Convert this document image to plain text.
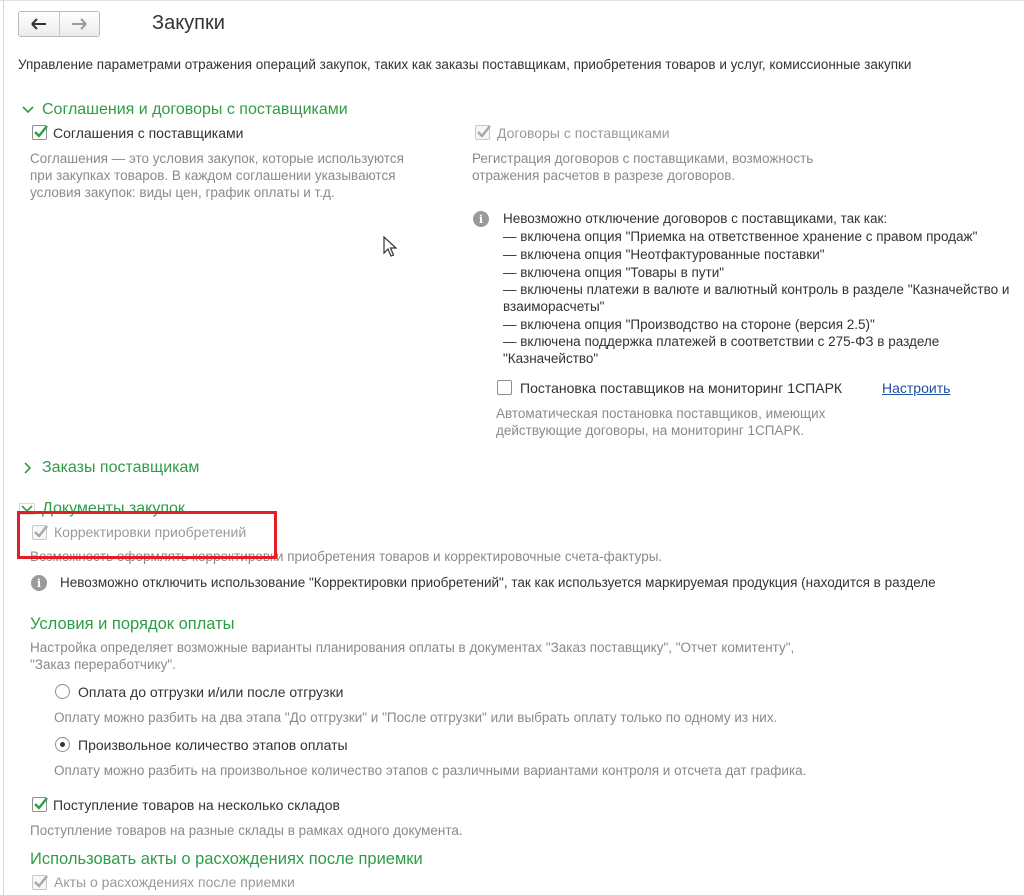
Закупки
Управление параметрами отражения операций закупок, таких как заказы поставщикам, приобретения товаров и услуг, комиссионные закупки
Соглашения и договоры с поставщиками
Соглашения с поставщиками
Соглашения — это условия закупок, которые используются
при закупках товаров. В каждом соглашении указываются
условия закупок: виды цен, график оплаты и т.д.
Договоры с поставщиками
Регистрация договоров с поставщиками, возможность
отражения расчетов в разрезе договоров.
i	Невозможно отключение договоров с поставщиками, так как:
— включена опция "Приемка на ответственное хранение с правом продаж"
— включена опция "Неотфактурованные поставки"
— включена опция "Товары в пути"
— включены платежи в валюте и валютный контроль в разделе "Казначейство и
взаиморасчеты"
— включена опция "Производство на стороне (версия 2.5)"
— включена поддержка платежей в соответствии с 275-ФЗ в разделе
"Казначейство"
Постановка поставщиков на мониторинг 1СПАРК	Настроить
Автоматическая постановка поставщиков, имеющих
действующие договоры, на мониторинг 1СПАРК.
Заказы поставщикам
Документы закупок
Корректировки приобретений
Возможность оформлять корректировки приобретения товаров и корректировочные счета-фактуры.
i	Невозможно отключить использование "Корректировки приобретений", так как используется маркируемая продукция (находится в разделе
Условия и порядок оплаты
Настройка определяет возможные варианты планирования оплаты в документах "Заказ поставщику", "Отчет комитенту",
"Заказ переработчику".
Оплата до отгрузки и/или после отгрузки
Оплату можно разбить на два этапа "До отгрузки" и "После отгрузки" или выбрать оплату только по одному из них.
Произвольное количество этапов оплаты
Оплату можно разбить на произвольное количество этапов с различными вариантами контроля и отсчета дат графика.
Поступление товаров на несколько складов
Поступление товаров на разные склады в рамках одного документа.
Использовать акты о расхождениях после приемки
Акты о расхождениях после приемки
